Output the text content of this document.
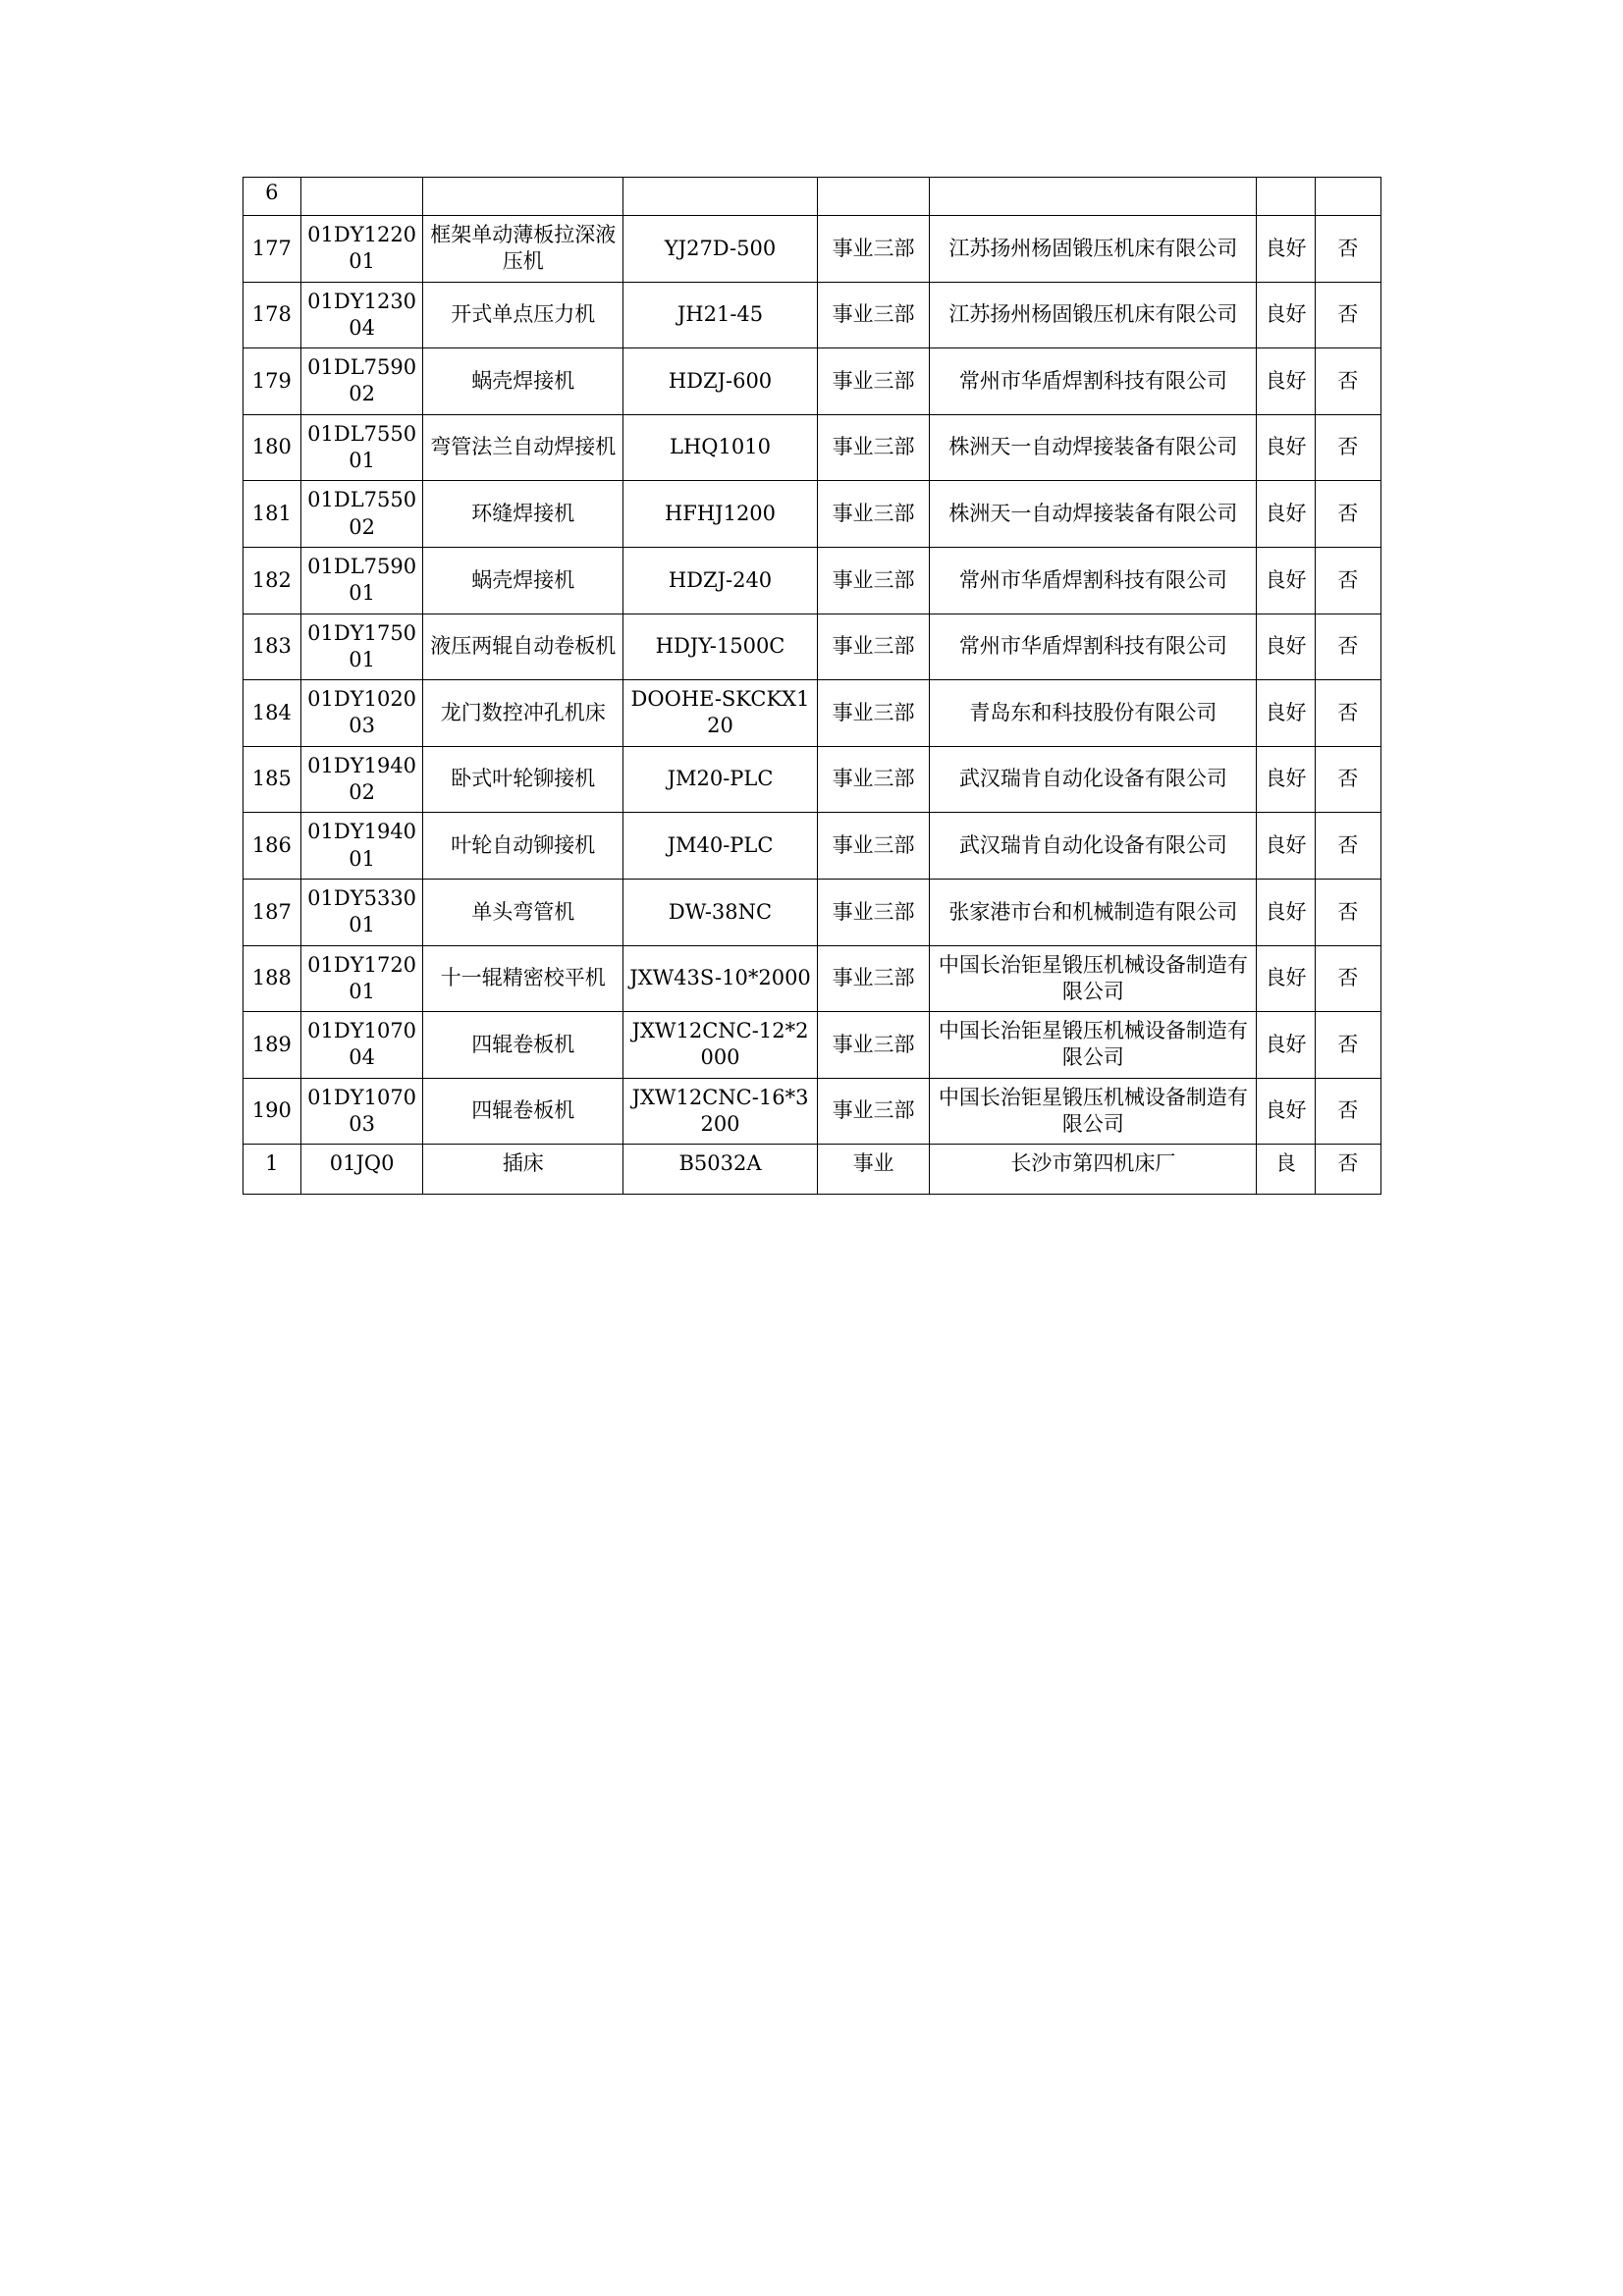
6							
177	01DY122001	框架单动薄板拉深液压机	YJ27D-500	事业三部	江苏扬州杨固锻压机床有限公司	良好	否
178	01DY123004	开式单点压力机	JH21-45	事业三部	江苏扬州杨固锻压机床有限公司	良好	否
179	01DL759002	蜗壳焊接机	HDZJ-600	事业三部	常州市华盾焊割科技有限公司	良好	否
180	01DL755001	弯管法兰自动焊接机	LHQ1010	事业三部	株洲天一自动焊接装备有限公司	良好	否
181	01DL755002	环缝焊接机	HFHJ1200	事业三部	株洲天一自动焊接装备有限公司	良好	否
182	01DL759001	蜗壳焊接机	HDZJ-240	事业三部	常州市华盾焊割科技有限公司	良好	否
183	01DY175001	液压两辊自动卷板机	HDJY-1500C	事业三部	常州市华盾焊割科技有限公司	良好	否
184	01DY102003	龙门数控冲孔机床	DOOHE-SKCKX120	事业三部	青岛东和科技股份有限公司	良好	否
185	01DY194002	卧式叶轮铆接机	JM20-PLC	事业三部	武汉瑞肯自动化设备有限公司	良好	否
186	01DY194001	叶轮自动铆接机	JM40-PLC	事业三部	武汉瑞肯自动化设备有限公司	良好	否
187	01DY533001	单头弯管机	DW-38NC	事业三部	张家港市台和机械制造有限公司	良好	否
188	01DY172001	十一辊精密校平机	JXW43S-10*2000	事业三部	中国长治钜星锻压机械设备制造有限公司	良好	否
189	01DY107004	四辊卷板机	JXW12CNC-12*2000	事业三部	中国长治钜星锻压机械设备制造有限公司	良好	否
190	01DY107003	四辊卷板机	JXW12CNC-16*3200	事业三部	中国长治钜星锻压机械设备制造有限公司	良好	否
1	01JQ0	插床	B5032A	事业	长沙市第四机床厂	良	否
